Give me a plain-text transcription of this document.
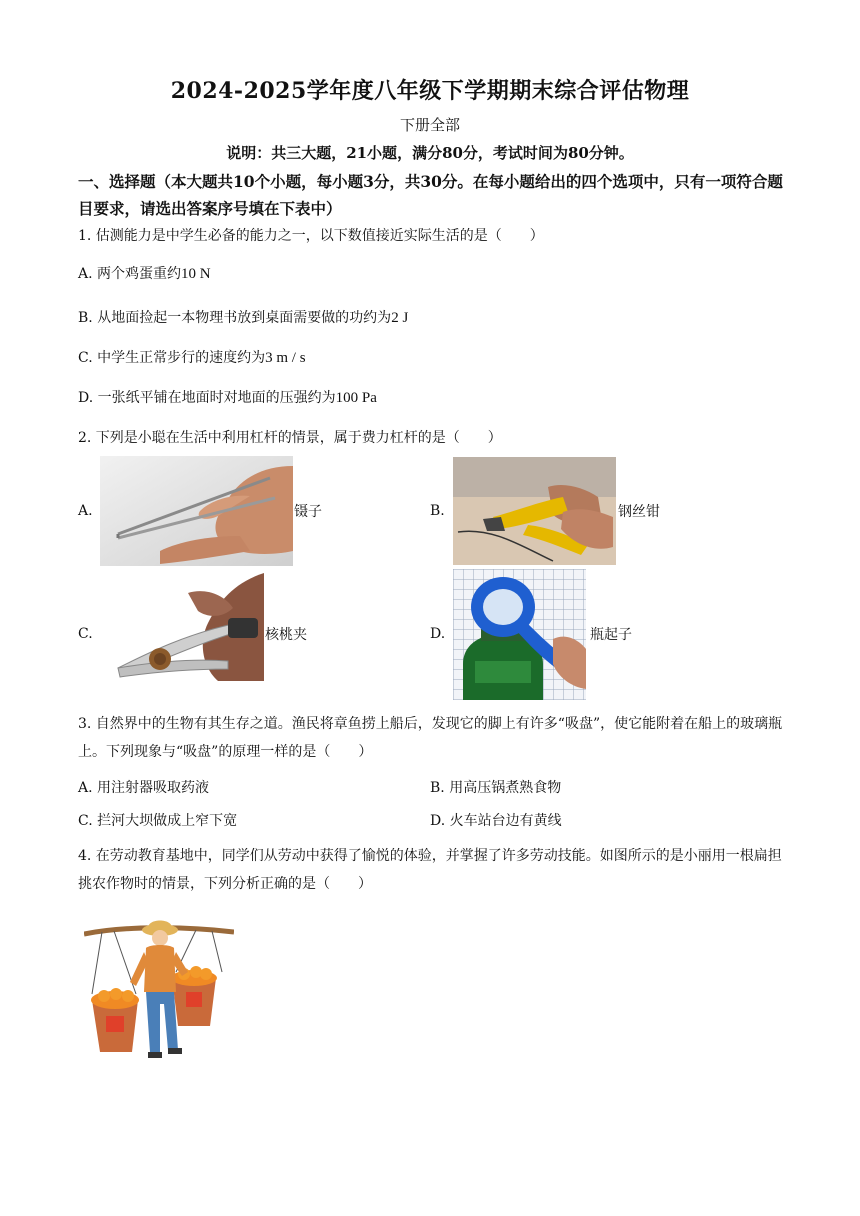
2024-2025学年度八年级下学期期末综合评估物理
下册全部
说明：共三大题，21小题，满分80分，考试时间为80分钟。
一、选择题（本大题共10个小题，每小题3分，共30分。在每小题给出的四个选项中，只有一项符合题目要求，请选出答案序号填在下表中）
1. 估测能力是中学生必备的能力之一，以下数值接近实际生活的是（　　）
A. 两个鸡蛋重约10 N
B. 从地面捡起一本物理书放到桌面需要做的功约为2 J
C. 中学生正常步行的速度约为3 m / s
D. 一张纸平铺在地面时对地面的压强约为100 Pa
2. 下列是小聪在生活中利用杠杆的情景，属于费力杠杆的是（　　）
A.	镊子	B.	钢丝钳
C.	核桃夹	D.	瓶起子
3. 自然界中的生物有其生存之道。渔民将章鱼捞上船后，发现它的脚上有许多“吸盘”，使它能附着在船上的玻璃瓶上。下列现象与“吸盘”的原理一样的是（　　）
A. 用注射器吸取药液	B. 用高压锅煮熟食物
C. 拦河大坝做成上窄下宽	D. 火车站台边有黄线
4. 在劳动教育基地中，同学们从劳动中获得了愉悦的体验，并掌握了许多劳动技能。如图所示的是小丽用一根扁担挑农作物时的情景，下列分析正确的是（　　）
